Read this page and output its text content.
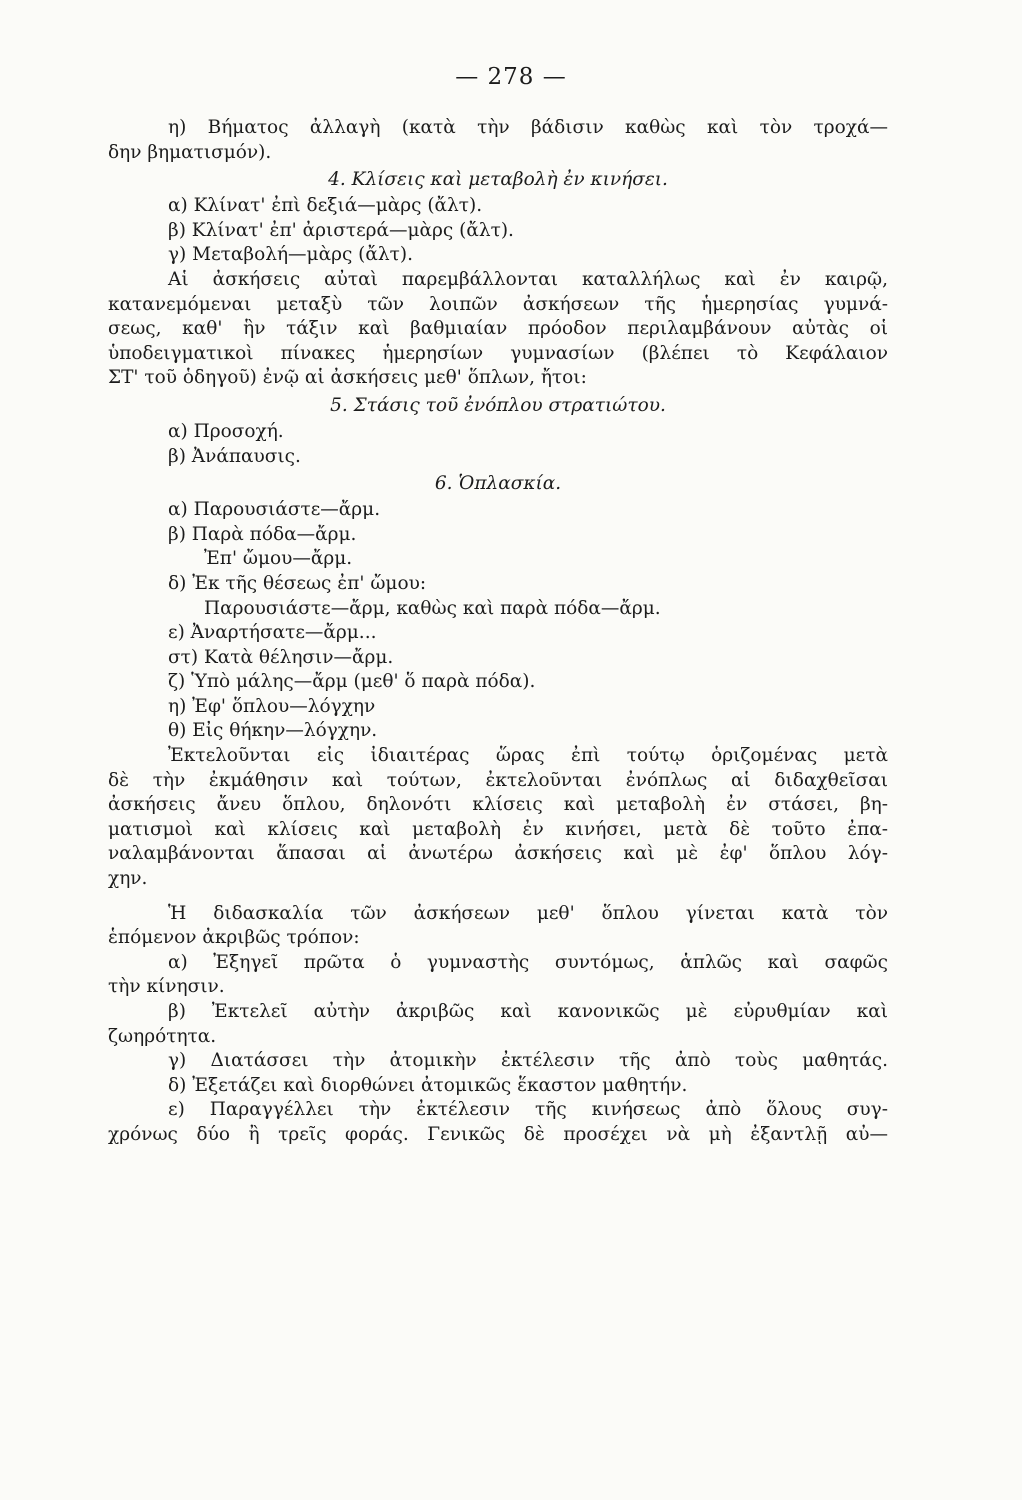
— 278 —
η) Βήματος ἀλλαγὴ (κατὰ τὴν βάδισιν καθὼς καὶ τὸν τροχά—
δην βηματισμόν).
4. Κλίσεις καὶ μεταβολὴ ἐν κινήσει.
α) Κλίνατ' ἐπὶ δεξιά—μὰρς (ἄλτ).
β) Κλίνατ' ἐπ' ἀριστερά—μὰρς (ἄλτ).
γ) Μεταβολή—μὰρς (ἄλτ).
Αἱ ἀσκήσεις αὐταὶ παρεμβάλλονται καταλλήλως καὶ ἐν καιρῷ,
κατανεμόμεναι μεταξὺ τῶν λοιπῶν ἀσκήσεων τῆς ἡμερησίας γυμνά-
σεως, καθ' ἣν τάξιν καὶ βαθμιαίαν πρόοδον περιλαμβάνουν αὐτὰς οἱ
ὑποδειγματικοὶ πίνακες ἡμερησίων γυμνασίων (βλέπει τὸ Κεφάλαιον
ΣΤ' τοῦ ὁδηγοῦ) ἐνῷ αἱ ἀσκήσεις μεθ' ὅπλων, ἤτοι:
5. Στάσις τοῦ ἐνόπλου στρατιώτου.
α) Προσοχή.
β) Ἀνάπαυσις.
6. Ὁπλασκία.
α) Παρουσιάστε—ἄρμ.
β) Παρὰ πόδα—ἄρμ.
Ἐπ' ὤμου—ἄρμ.
δ) Ἐκ τῆς θέσεως ἐπ' ὤμου:
Παρουσιάστε—ἄρμ, καθὼς καὶ παρὰ πόδα—ἄρμ.
ε) Ἀναρτήσατε—ἄρμ...
στ) Κατὰ θέλησιν—ἄρμ.
ζ) Ὑπὸ μάλης—ἄρμ (μεθ' ὅ παρὰ πόδα).
η) Ἐφ' ὅπλου—λόγχην
θ) Εἰς θήκην—λόγχην.
Ἐκτελοῦνται εἰς ἰδιαιτέρας ὥρας ἐπὶ τούτῳ ὁριζομένας μετὰ
δὲ τὴν ἐκμάθησιν καὶ τούτων, ἐκτελοῦνται ἐνόπλως αἱ διδαχθεῖσαι
ἀσκήσεις ἄνευ ὅπλου, δηλονότι κλίσεις καὶ μεταβολὴ ἐν στάσει, βη-
ματισμοὶ καὶ κλίσεις καὶ μεταβολὴ ἐν κινήσει, μετὰ δὲ τοῦτο ἐπα-
ναλαμβάνονται ἅπασαι αἱ ἀνωτέρω ἀσκήσεις καὶ μὲ ἐφ' ὅπλου λόγ-
χην.
Ἡ διδασκαλία τῶν ἀσκήσεων μεθ' ὅπλου γίνεται κατὰ τὸν
ἑπόμενον ἀκριβῶς τρόπον:
α) Ἐξηγεῖ πρῶτα ὁ γυμναστὴς συντόμως, ἁπλῶς καὶ σαφῶς
τὴν κίνησιν.
β) Ἐκτελεῖ αὐτὴν ἀκριβῶς καὶ κανονικῶς μὲ εὐρυθμίαν καὶ
ζωηρότητα.
γ) Διατάσσει τὴν ἀτομικὴν ἐκτέλεσιν τῆς ἀπὸ τοὺς μαθητάς.
δ) Ἐξετάζει καὶ διορθώνει ἀτομικῶς ἕκαστον μαθητήν.
ε) Παραγγέλλει τὴν ἐκτέλεσιν τῆς κινήσεως ἀπὸ ὅλους συγ-
χρόνως δύο ἢ τρεῖς φοράς. Γενικῶς δὲ προσέχει νὰ μὴ ἐξαντλῇ αὐ—
